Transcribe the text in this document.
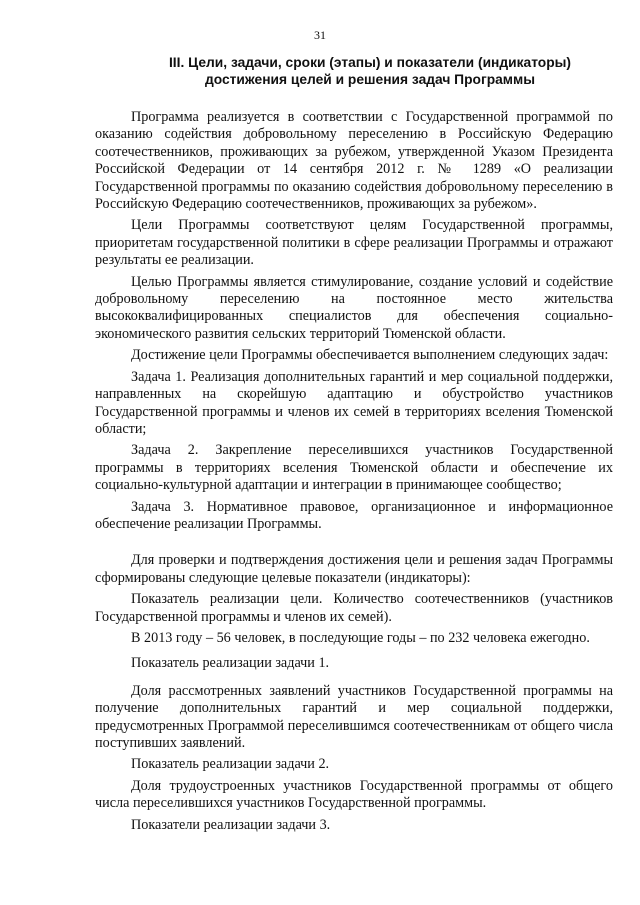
31
III. Цели, задачи, сроки (этапы) и показатели (индикаторы)
достижения целей и решения задач Программы

Программа реализуется в соответствии с Государственной программой по оказанию содействия добровольному переселению в Российскую Федерацию соотечественников, проживающих за рубежом, утвержденной Указом Президента Российской Федерации от 14 сентября 2012 г. № 1289 «О реализации Государственной программы по оказанию содействия добровольному переселению в Российскую Федерацию соотечественников, проживающих за рубежом».

Цели Программы соответствуют целям Государственной программы, приоритетам государственной политики в сфере реализации Программы и отражают результаты ее реализации.

Целью Программы является стимулирование, создание условий и содействие добровольному переселению на постоянное место жительства высококвалифицированных специалистов для обеспечения социально-экономического развития сельских территорий Тюменской области.

Достижение цели Программы обеспечивается выполнением следующих задач:

Задача 1. Реализация дополнительных гарантий и мер социальной поддержки, направленных на скорейшую адаптацию и обустройство участников Государственной программы и членов их семей в территориях вселения Тюменской области;

Задача 2. Закрепление переселившихся участников Государственной программы в территориях вселения Тюменской области и обеспечение их социально-культурной адаптации и интеграции в принимающее сообщество;

Задача 3. Нормативное правовое, организационное и информационное обеспечение реализации Программы.

Для проверки и подтверждения достижения цели и решения задач Программы сформированы следующие целевые показатели (индикаторы):

Показатель реализации цели. Количество соотечественников (участников Государственной программы и членов их семей).

В 2013 году – 56 человек, в последующие годы – по 232 человека ежегодно.

Показатель реализации задачи 1.

Доля рассмотренных заявлений участников Государственной программы на получение дополнительных гарантий и мер социальной поддержки, предусмотренных Программой переселившимся соотечественникам от общего числа поступивших заявлений.

Показатель реализации задачи 2.

Доля трудоустроенных участников Государственной программы от общего числа переселившихся участников Государственной программы.

Показатели реализации задачи 3.
